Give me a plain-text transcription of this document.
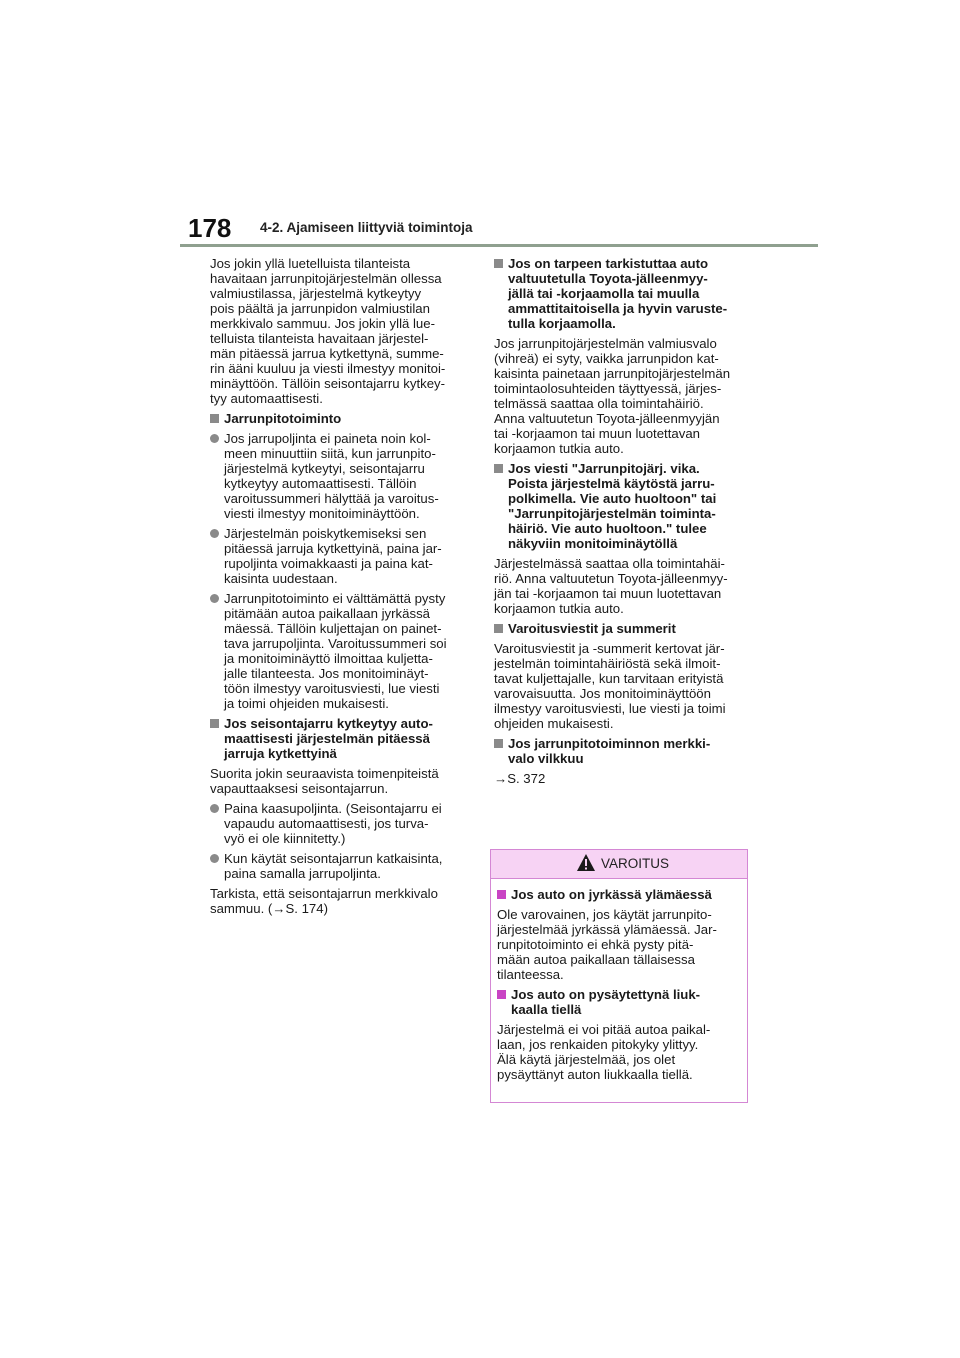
178 4-2. Ajamiseen liittyviä toimintoja

Jos jokin yllä luetelluista tilanteista
havaitaan jarrunpitojärjestelmän ollessa
valmiustilassa, järjestelmä kytkeytyy
pois päältä ja jarrunpidon valmiustilan
merkkivalo sammuu. Jos jokin yllä lue-
telluista tilanteista havaitaan järjestel-
män pitäessä jarrua kytkettynä, summe-
rin ääni kuuluu ja viesti ilmestyy monitoi-
minäyttöön. Tällöin seisontajarru kytkey-
tyy automaattisesti.

Jarrunpitotoiminto

Jos jarrupoljinta ei paineta noin kol-
meen minuuttiin siitä, kun jarrunpito-
järjestelmä kytkeytyi, seisontajarru
kytkeytyy automaattisesti. Tällöin
varoitussummeri hälyttää ja varoitus-
viesti ilmestyy monitoiminäyttöön.

Järjestelmän poiskytkemiseksi sen
pitäessä jarruja kytkettyinä, paina jar-
rupoljinta voimakkaasti ja paina kat-
kaisinta uudestaan.

Jarrunpitotoiminto ei välttämättä pysty
pitämään autoa paikallaan jyrkässä
mäessä. Tällöin kuljettajan on painet-
tava jarrupoljinta. Varoitussummeri soi
ja monitoiminäyttö ilmoittaa kuljetta-
jalle tilanteesta. Jos monitoiminäyt-
töön ilmestyy varoitusviesti, lue viesti
ja toimi ohjeiden mukaisesti.

Jos seisontajarru kytkeytyy auto-
maattisesti järjestelmän pitäessä
jarruja kytkettyinä

Suorita jokin seuraavista toimenpiteistä
vapauttaaksesi seisontajarrun.

Paina kaasupoljinta. (Seisontajarru ei
vapaudu automaattisesti, jos turva-
vyö ei ole kiinnitetty.)

Kun käytät seisontajarrun katkaisinta,
paina samalla jarrupoljinta.

Tarkista, että seisontajarrun merkkivalo
sammuu. (→S. 174)

Jos on tarpeen tarkistuttaa auto
valtuutetulla Toyota-jälleenmyy-
jällä tai -korjaamolla tai muulla
ammattitaitoisella ja hyvin varuste-
tulla korjaamolla.

Jos jarrunpitojärjestelmän valmiusvalo
(vihreä) ei syty, vaikka jarrunpidon kat-
kaisinta painetaan jarrunpitojärjestelmän
toimintaolosuhteiden täyttyessä, järjes-
telmässä saattaa olla toimintahäiriö.
Anna valtuutetun Toyota-jälleenmyyjän
tai -korjaamon tai muun luotettavan
korjaamon tutkia auto.

Jos viesti "Jarrunpitojärj. vika.
Poista järjestelmä käytöstä jarru-
polkimella. Vie auto huoltoon" tai
"Jarrunpitojärjestelmän toiminta-
häiriö. Vie auto huoltoon." tulee
näkyviin monitoiminäytöllä

Järjestelmässä saattaa olla toimintahäi-
riö. Anna valtuutetun Toyota-jälleenmyy-
jän tai -korjaamon tai muun luotettavan
korjaamon tutkia auto.

Varoitusviestit ja summerit

Varoitusviestit ja -summerit kertovat jär-
jestelmän toimintahäiriöstä sekä ilmoit-
tavat kuljettajalle, kun tarvitaan erityistä
varovaisuutta. Jos monitoiminäyttöön
ilmestyy varoitusviesti, lue viesti ja toimi
ohjeiden mukaisesti.

Jos jarrunpitotoiminnon merkki-
valo vilkkuu

→S. 372

VAROITUS

Jos auto on jyrkässä ylämäessä

Ole varovainen, jos käytät jarrunpito-
järjestelmää jyrkässä ylämäessä. Jar-
runpitotoiminto ei ehkä pysty pitä-
mään autoa paikallaan tällaisessa
tilanteessa.

Jos auto on pysäytettynä liuk-
kaalla tiellä

Järjestelmä ei voi pitää autoa paikal-
laan, jos renkaiden pitokyky ylittyy.
Älä käytä järjestelmää, jos olet
pysäyttänyt auton liukkaalla tiellä.
